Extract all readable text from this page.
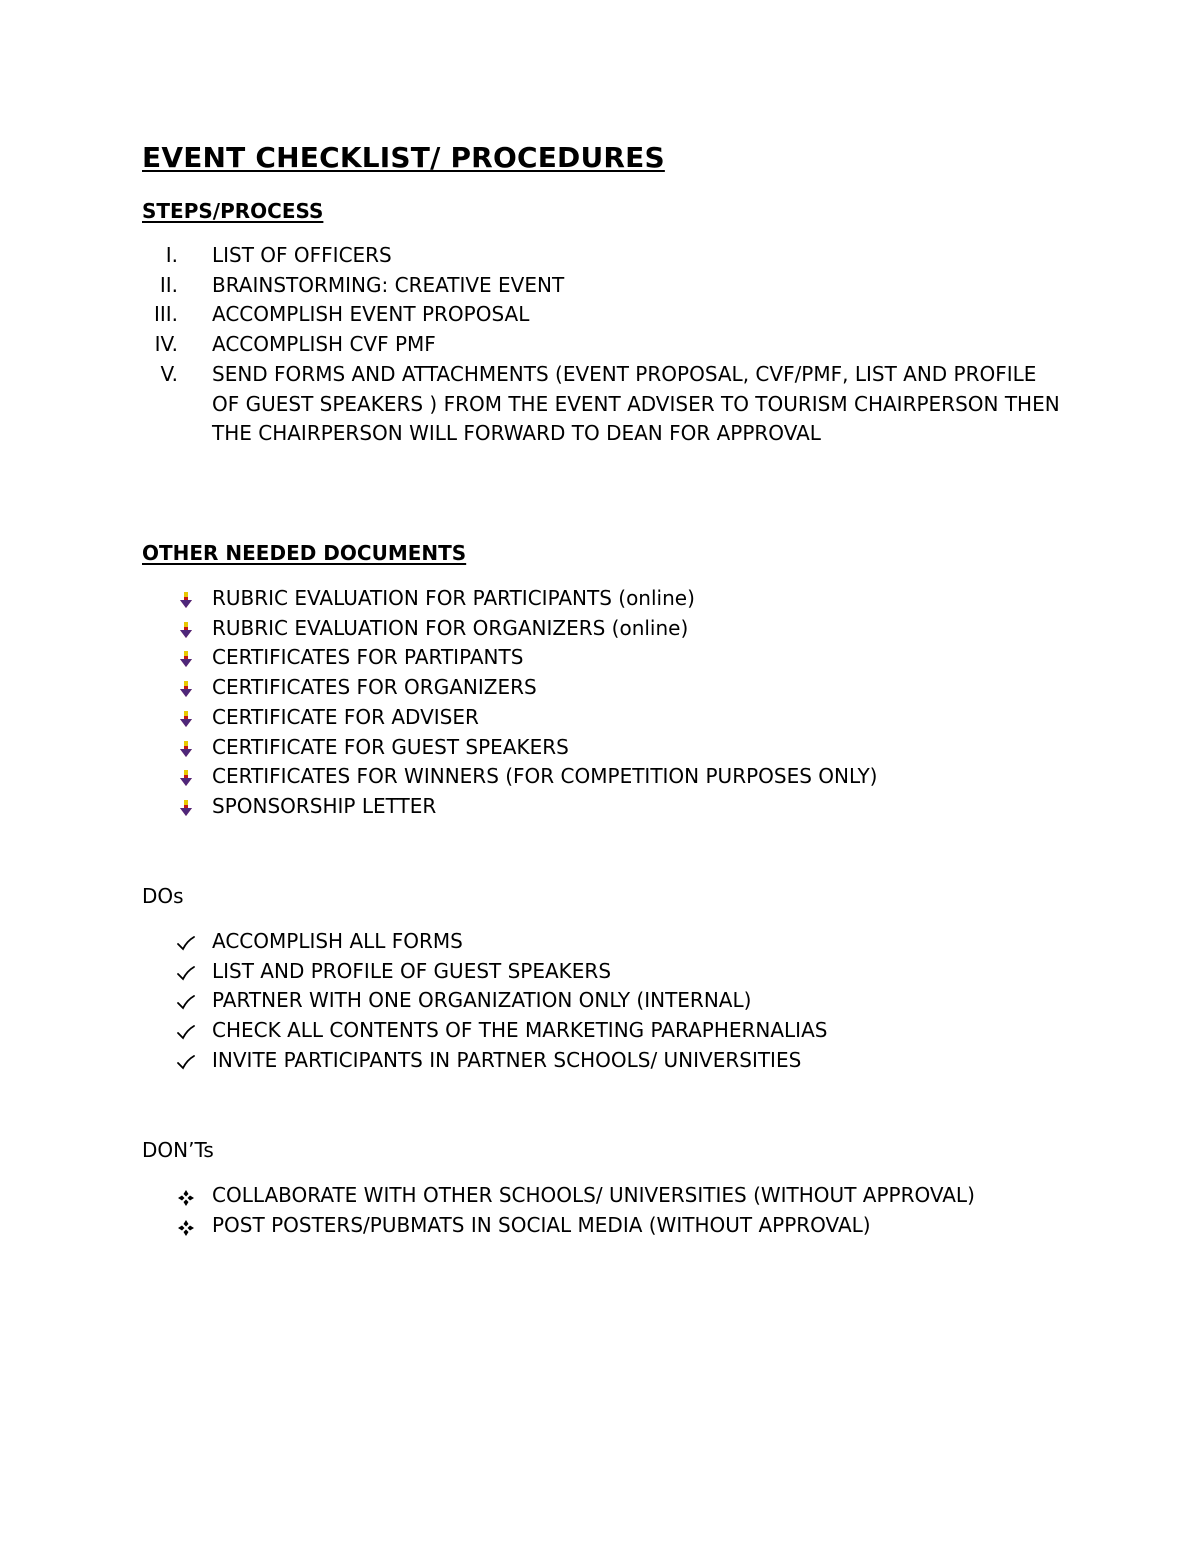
EVENT CHECKLIST/ PROCEDURES
STEPS/PROCESS
I. LIST OF OFFICERS
II. BRAINSTORMING: CREATIVE EVENT
III. ACCOMPLISH EVENT PROPOSAL
IV. ACCOMPLISH CVF PMF
V. SEND FORMS AND ATTACHMENTS (EVENT PROPOSAL, CVF/PMF, LIST AND PROFILE OF GUEST SPEAKERS ) FROM THE EVENT ADVISER TO TOURISM CHAIRPERSON THEN THE CHAIRPERSON WILL FORWARD TO DEAN FOR APPROVAL
OTHER NEEDED DOCUMENTS
RUBRIC EVALUATION FOR PARTICIPANTS (online)
RUBRIC EVALUATION FOR ORGANIZERS (online)
CERTIFICATES FOR PARTIPANTS
CERTIFICATES FOR ORGANIZERS
CERTIFICATE FOR ADVISER
CERTIFICATE FOR GUEST SPEAKERS
CERTIFICATES FOR WINNERS (FOR COMPETITION PURPOSES ONLY)
SPONSORSHIP LETTER
DOs
ACCOMPLISH ALL FORMS
LIST AND PROFILE OF GUEST SPEAKERS
PARTNER WITH ONE ORGANIZATION ONLY (INTERNAL)
CHECK ALL CONTENTS OF THE MARKETING PARAPHERNALIAS
INVITE PARTICIPANTS IN PARTNER SCHOOLS/ UNIVERSITIES
DON’Ts
COLLABORATE WITH OTHER SCHOOLS/ UNIVERSITIES (WITHOUT APPROVAL)
POST POSTERS/PUBMATS IN SOCIAL MEDIA (WITHOUT APPROVAL)
